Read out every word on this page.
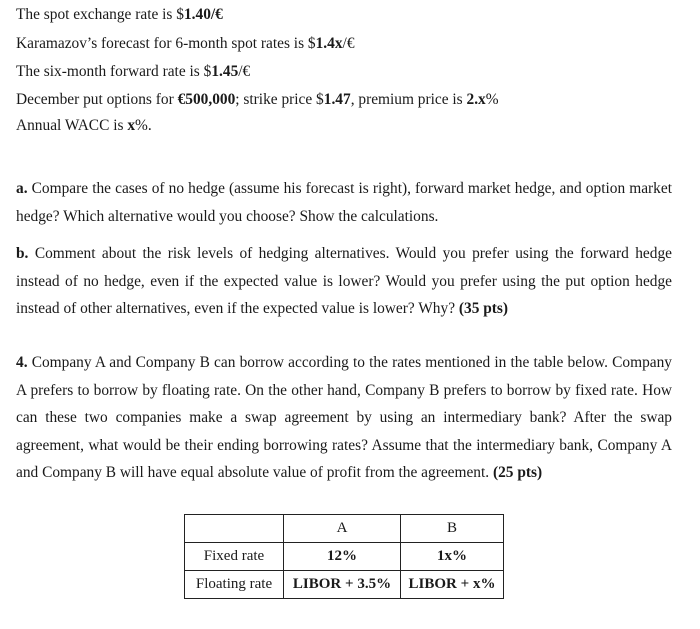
The spot exchange rate is $1.40/€
Karamazov’s forecast for 6-month spot rates is $1.4x/€
The six-month forward rate is $1.45/€
December put options for €500,000; strike price $1.47, premium price is 2.x%
Annual WACC is x%.
a. Compare the cases of no hedge (assume his forecast is right), forward market hedge, and option market hedge? Which alternative would you choose? Show the calculations.
b. Comment about the risk levels of hedging alternatives. Would you prefer using the forward hedge instead of no hedge, even if the expected value is lower? Would you prefer using the put option hedge instead of other alternatives, even if the expected value is lower? Why? (35 pts)
4. Company A and Company B can borrow according to the rates mentioned in the table below. Company A prefers to borrow by floating rate. On the other hand, Company B prefers to borrow by fixed rate. How can these two companies make a swap agreement by using an intermediary bank? After the swap agreement, what would be their ending borrowing rates? Assume that the intermediary bank, Company A and Company B will have equal absolute value of profit from the agreement. (25 pts)
	A	B
Fixed rate	12%	1x%
Floating rate	LIBOR + 3.5%	LIBOR + x%
